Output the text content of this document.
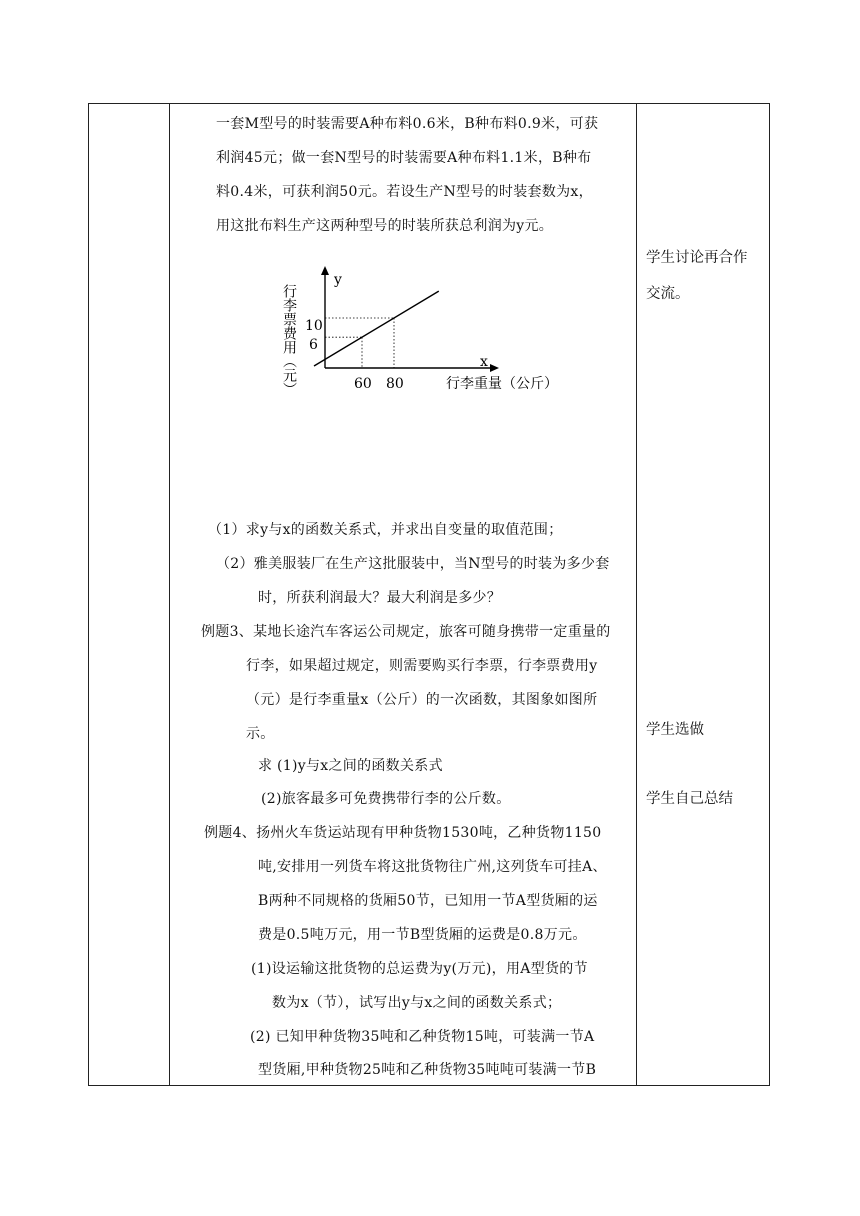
一套M型号的时装需要A种布料0.6米，B种布料0.9米，可获
利润45元；做一套N型号的时装需要A种布料1.1米，B种布
料0.4米，可获利润50元。若设生产N型号的时装套数为x，
用这批布料生产这两种型号的时装所获总利润为y元。
行李票费用（元）
y
x
60 80
10
6
行李重量（公斤）
（1）求y与x的函数关系式，并求出自变量的取值范围；
（2）雅美服装厂在生产这批服装中，当N型号的时装为多少套
时，所获利润最大？最大利润是多少？
例题3、某地长途汽车客运公司规定，旅客可随身携带一定重量的
行李，如果超过规定，则需要购买行李票，行李票费用y
（元）是行李重量x（公斤）的一次函数，其图象如图所
示。
求 (1)y与x之间的函数关系式
(2)旅客最多可免费携带行李的公斤数。
例题4、扬州火车货运站现有甲种货物1530吨，乙种货物1150
吨,安排用一列货车将这批货物往广州,这列货车可挂A、
B两种不同规格的货厢50节，已知用一节A型货厢的运
费是0.5吨万元，用一节B型货厢的运费是0.8万元。
(1)设运输这批货物的总运费为y(万元)，用A型货的节
数为x（节），试写出y与x之间的函数关系式；
(2) 已知甲种货物35吨和乙种货物15吨，可装满一节A
型货厢,甲种货物25吨和乙种货物35吨吨可装满一节B
学生讨论再合作
交流。
学生选做
学生自己总结
